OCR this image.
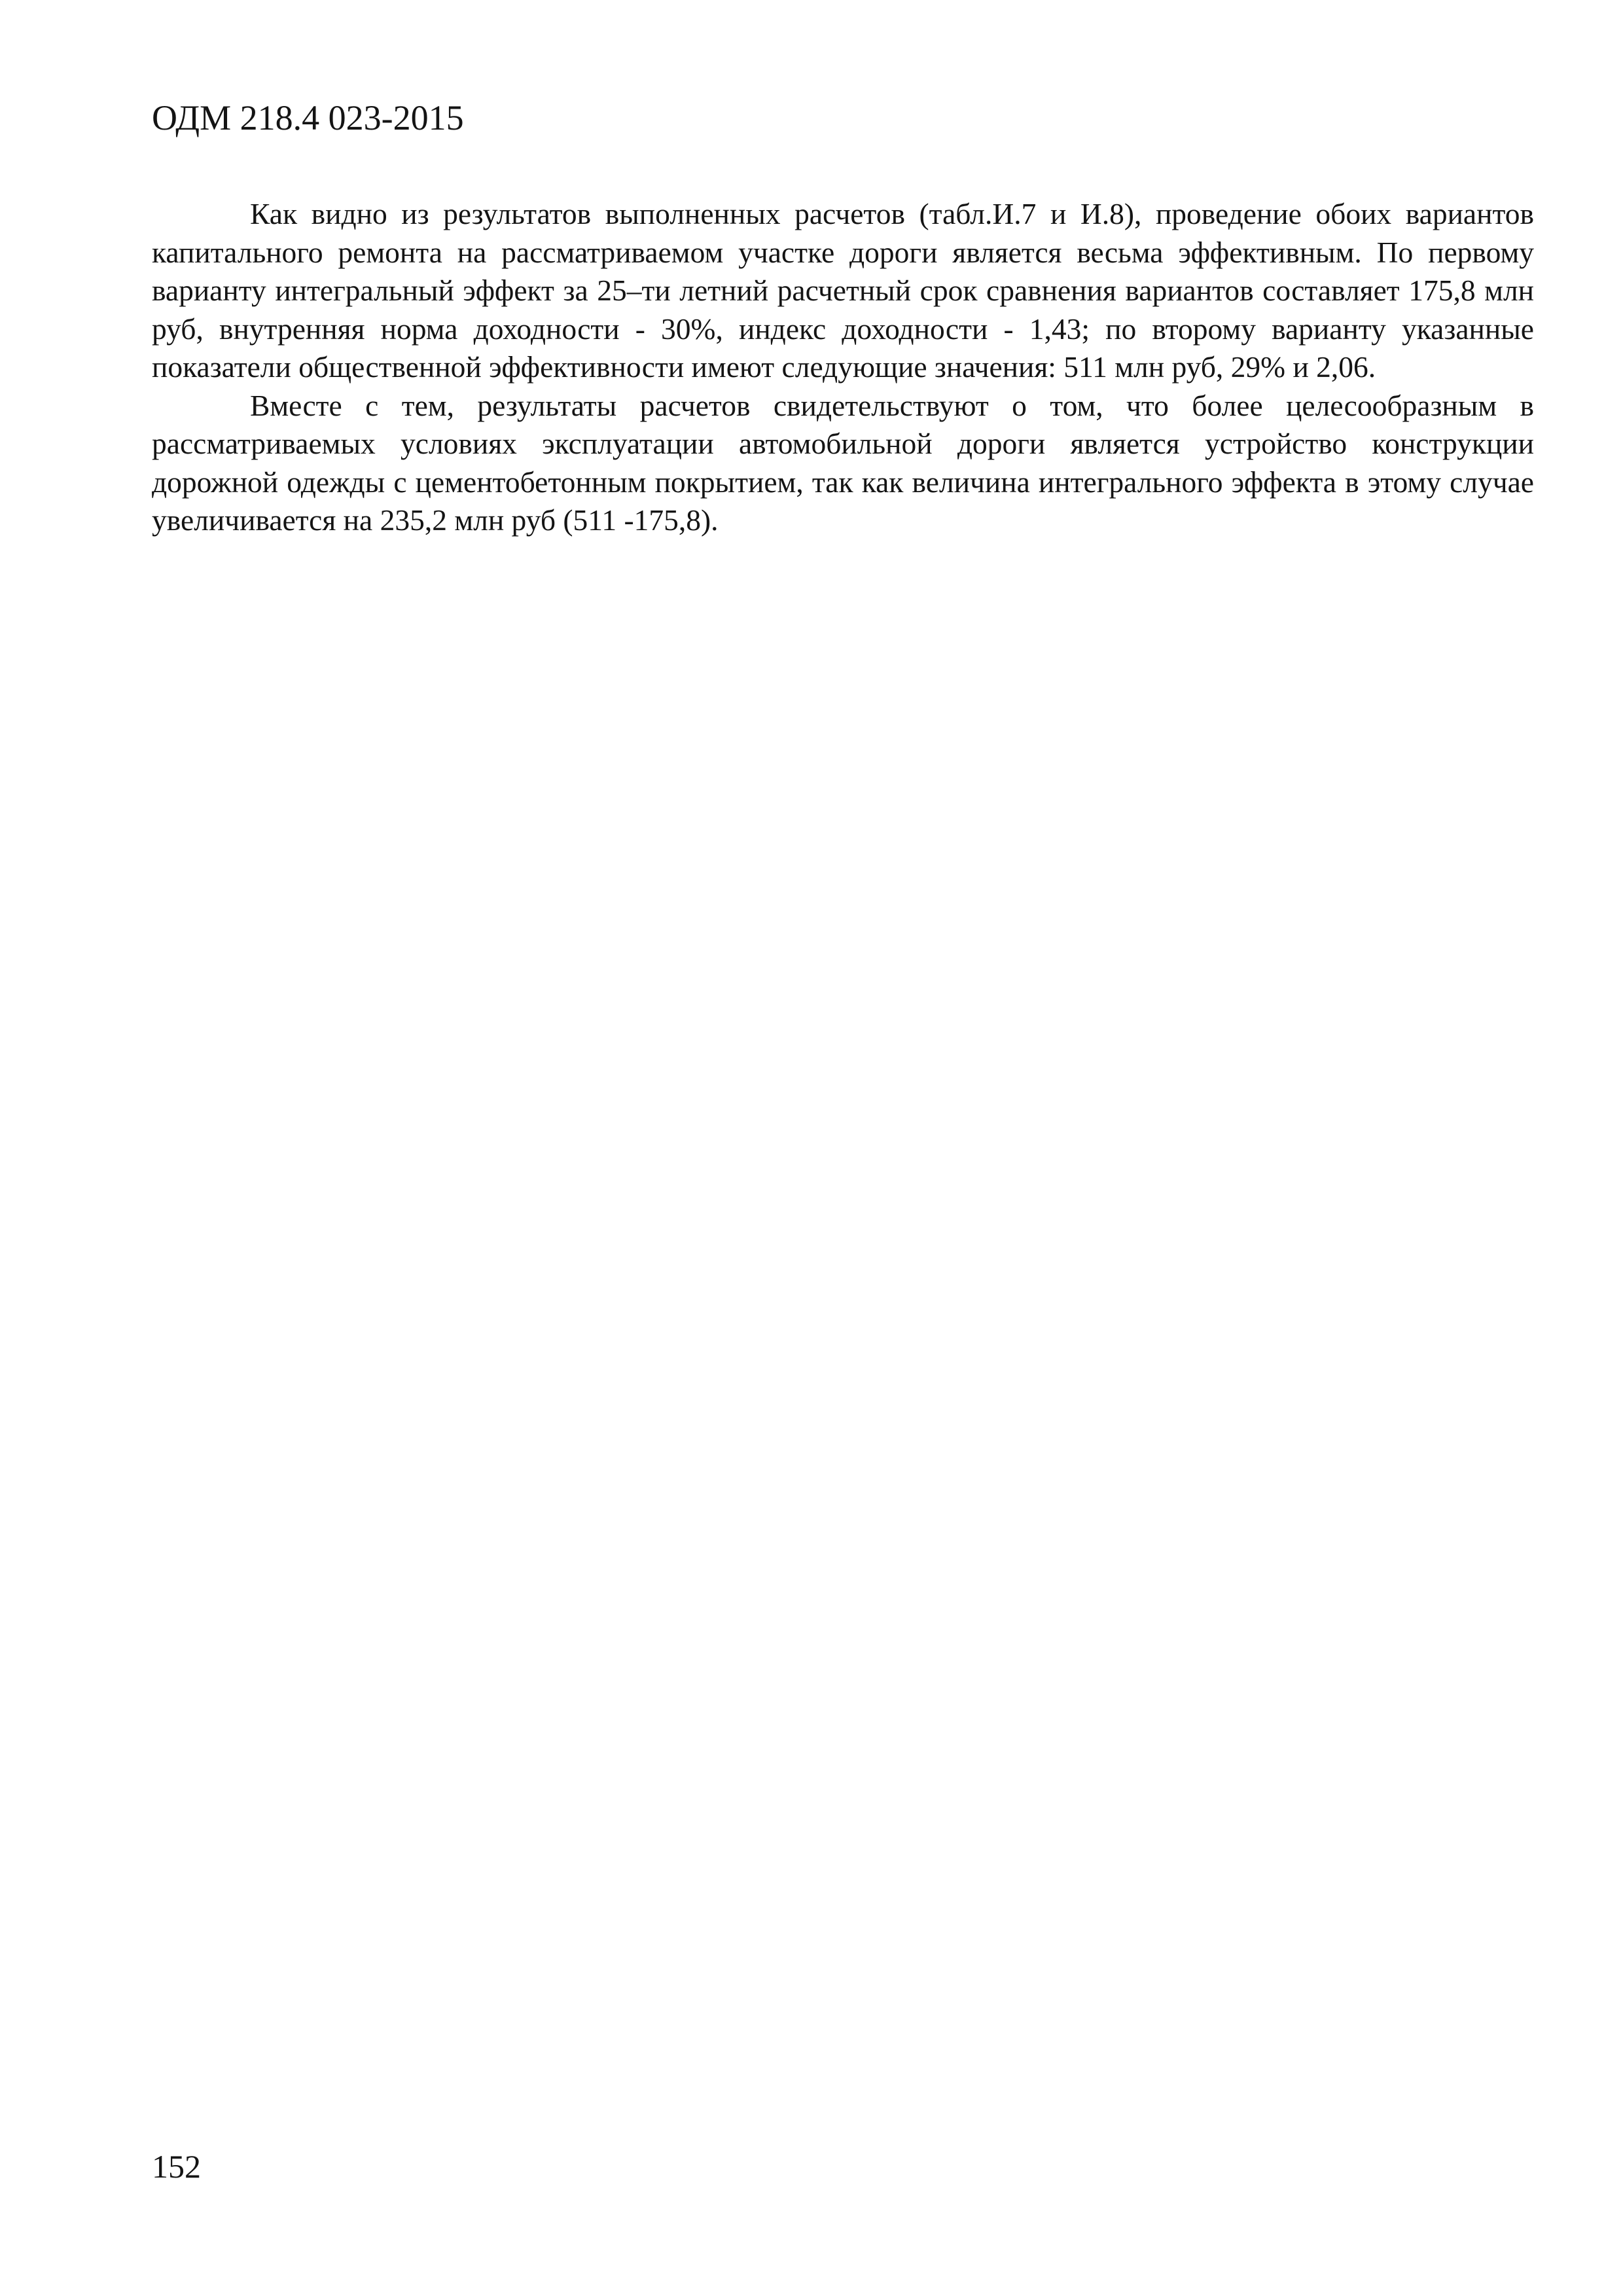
ОДМ 218.4 023-2015

Как видно из результатов выполненных расчетов (табл.И.7 и И.8), проведение обоих вариантов капитального ремонта на рассматриваемом участке дороги является весьма эффективным. По первому варианту интегральный эффект за 25–ти летний расчетный срок сравнения вариантов составляет 175,8 млн руб, внутренняя норма доходности - 30%, индекс доходности - 1,43; по второму варианту указанные показатели общественной эффективности имеют следующие значения: 511 млн руб, 29% и 2,06.

Вместе с тем, результаты расчетов свидетельствуют о том, что более целесообразным в рассматриваемых условиях эксплуатации автомобильной дороги является устройство конструкции дорожной одежды с цементобетонным покрытием, так как величина интегрального эффекта в этому случае увеличивается на 235,2 млн руб (511 -175,8).

152
